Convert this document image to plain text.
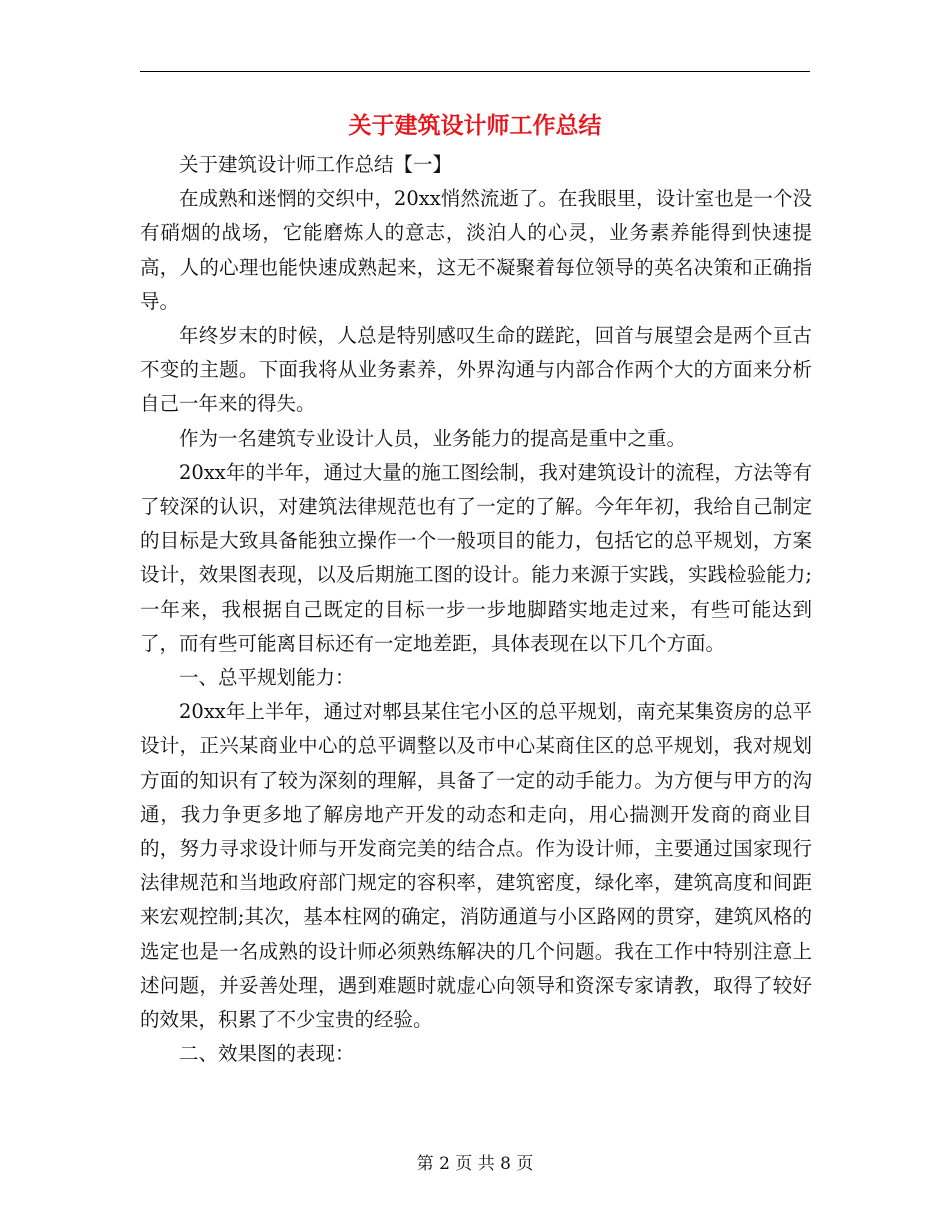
关于建筑设计师工作总结

关于建筑设计师工作总结【一】

在成熟和迷惘的交织中，20xx悄然流逝了。在我眼里，设计室也是一个没有硝烟的战场，它能磨炼人的意志，淡泊人的心灵，业务素养能得到快速提高，人的心理也能快速成熟起来，这无不凝聚着每位领导的英名决策和正确指导。

年终岁末的时候，人总是特别感叹生命的蹉跎，回首与展望会是两个亘古不变的主题。下面我将从业务素养，外界沟通与内部合作两个大的方面来分析自己一年来的得失。

作为一名建筑专业设计人员，业务能力的提高是重中之重。

20xx年的半年，通过大量的施工图绘制，我对建筑设计的流程，方法等有了较深的认识，对建筑法律规范也有了一定的了解。今年年初，我给自己制定的目标是大致具备能独立操作一个一般项目的能力，包括它的总平规划，方案设计，效果图表现，以及后期施工图的设计。能力来源于实践，实践检验能力;一年来，我根据自己既定的目标一步一步地脚踏实地走过来，有些可能达到了，而有些可能离目标还有一定地差距，具体表现在以下几个方面。

一、总平规划能力：

20xx年上半年，通过对郫县某住宅小区的总平规划，南充某集资房的总平设计，正兴某商业中心的总平调整以及市中心某商住区的总平规划，我对规划方面的知识有了较为深刻的理解，具备了一定的动手能力。为方便与甲方的沟通，我力争更多地了解房地产开发的动态和走向，用心揣测开发商的商业目的，努力寻求设计师与开发商完美的结合点。作为设计师，主要通过国家现行法律规范和当地政府部门规定的容积率，建筑密度，绿化率，建筑高度和间距来宏观控制;其次，基本柱网的确定，消防通道与小区路网的贯穿，建筑风格的选定也是一名成熟的设计师必须熟练解决的几个问题。我在工作中特别注意上述问题，并妥善处理，遇到难题时就虚心向领导和资深专家请教，取得了较好的效果，积累了不少宝贵的经验。

二、效果图的表现：

第 2 页 共 8 页
